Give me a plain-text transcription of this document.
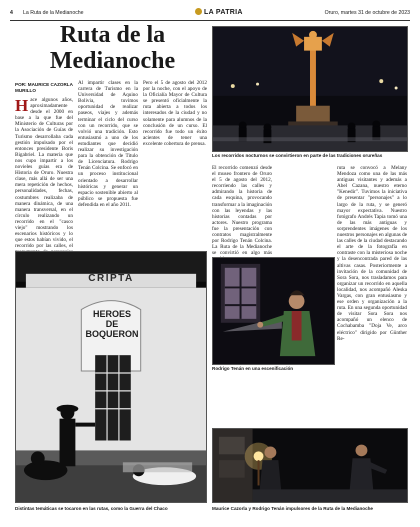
4 La Ruta de la Medianoche	LA PATRIA	Oruro, martes 31 de octubre de 2023
Ruta de la
Medianoche
POR: MAURICE CAZORLA MURILLO

Hace algunos años, aproximadamente desde el 2000 en base a la que fue del Ministerio de Culturas por la Asociación de Guías de Turismo desarrollaba cada gestión impulsado por el entonces presidente Boris Bigabriel. La materia que nos cupo impartir a los novieles guías era de Historia de Oruro. Nuestra clase, más allá de ser una mera repetición de hechos, personalidades, fechas, costumbres realizaba de manera dinámica, de una manera transversal, en el círculo realizando un recorrido en el "casco viejo" mostrando los escenarios históricos y lo que estos habían vivido, el recorrido por las calles, el

Al impartir clases en la carrera de Turismo en la Universidad de Aquino Bolivia, tuvimos oportunidad de realizar paseos, viajes y además terminar el ciclo del curso con un recorrido, que se volvió una tradición. Esto entusiasmó a uno de los estudiantes que decidió realizar su investigación para la obtención de Titulo de Licenciatura. Rodrigo Tenán Colcina. Se enfocó en un proceso institucional orientado a desarrollar históricas y generar un espacio sostenible abierto al público se propuesta fue defendida en el año 2011.

Pero el 5 de agosto del 2012 por la noche, con el apoyo de la Oficialía Mayor de Cultura se presentó oficialmente la ruta abierta a todos los interesados de la ciudad y no solamente para alumnos de la conclusión de un curso. El recorrido fue todo un éxito acientes de tener una excelente cobertura de prensa.

El recorrido comenzó desde el museo frontero de Oruro el 5 de agosto del 2012, recorriendo las calles y admirando la historia de cada esquina, provocando transformar a la imaginación con las leyendas y las historias contadas por actores. Nuestro programa fue la presentación con contratos magistralmente por Rodrigo Tenán Colcina. La Ruta de la Medianoche se convirtió en algo más

ruta se convocó a Melany Mendoza como una de las más antiguas visitantes y además a Abel Cazana, nuestro eterno "Kenedir". Tuvimos la iniciativa de presentar "personajes" a lo largo de la ruta, y se generó mayor expectativa. Nuestro fotógrafo Andrés Tapia tomó una de las más antiguas y sorprendentes imágenes de los nuestros personajes en algunas de las calles de la ciudad destacando el arte de la fotografía en contraste con la misteriosa noche y la desencontrada pared de las altivas casas. Posteriormente a invitación de la comunidad de Sora Sora, nos trasladamos para organizar un recorrido en aquella localidad, nos acompañó Aleska Vargas, con gran entusiasmo y ese orden y organización a la ruta. En una segunda oportunidad de visitar Sora Sora nos acompañó un elenco de Cochabamba "Doja Ve, arco eléctrico" dirigido por Günther Re-

Los recorridos nocturnos se convirtieron en parte de las tradiciones orureñas
Rodrigo Tenán en una escenificación
CRIPTA
HEROES
DE
BOQUERON
Distintas temáticas se tocaron en las rutas, como la Guerra del Chaco	Maurice Cazorla y Rodrigo Tenán impulsores de la Ruta de la Medianoche
